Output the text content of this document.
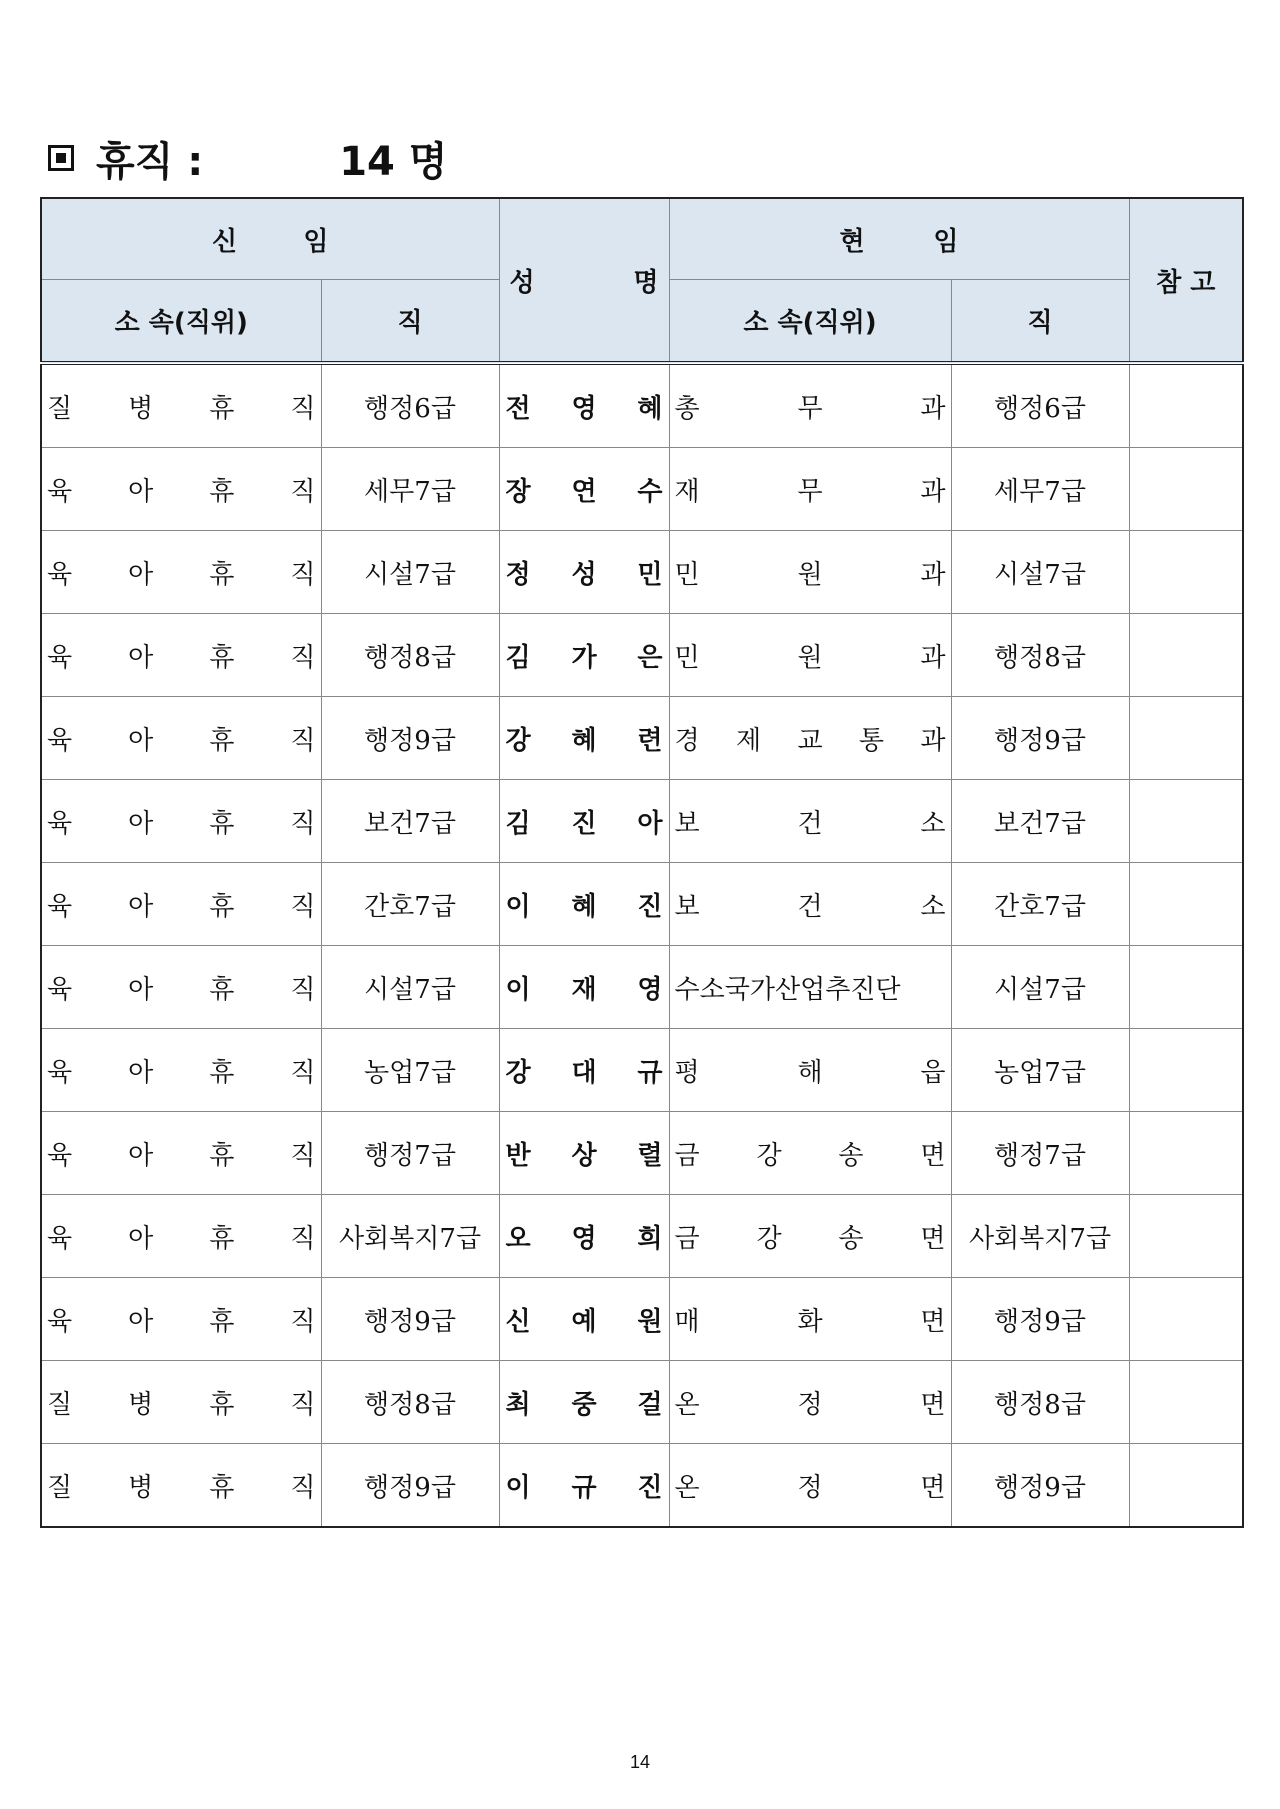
휴직 :	14 명
신 임		성 명	현 임		참 고
소 속(직위)	직		소 속(직위)	직	

질 병 휴 직	행정6급	전 영 혜	총 무 과	행정6급	

육 아 휴 직	세무7급	장 연 수	재 무 과	세무7급	

육 아 휴 직	시설7급	정 성 민	민 원 과	시설7급	

육 아 휴 직	행정8급	김 가 은	민 원 과	행정8급	

육 아 휴 직	행정9급	강 혜 련	경 제 교 통 과	행정9급	

육 아 휴 직	보건7급	김 진 아	보 건 소	보건7급	

육 아 휴 직	간호7급	이 혜 진	보 건 소	간호7급	

육 아 휴 직	시설7급	이 재 영	수소국가산업추진단	시설7급	

육 아 휴 직	농업7급	강 대 규	평 해 읍	농업7급	

육 아 휴 직	행정7급	반 상 렬	금 강 송 면	행정7급	

육 아 휴 직	사회복지7급	오 영 희	금 강 송 면	사회복지7급	

육 아 휴 직	행정9급	신 예 원	매 화 면	행정9급	

질 병 휴 직	행정8급	최 중 걸	온 정 면	행정8급	

질 병 휴 직	행정9급	이 규 진	온 정 면	행정9급	
14
